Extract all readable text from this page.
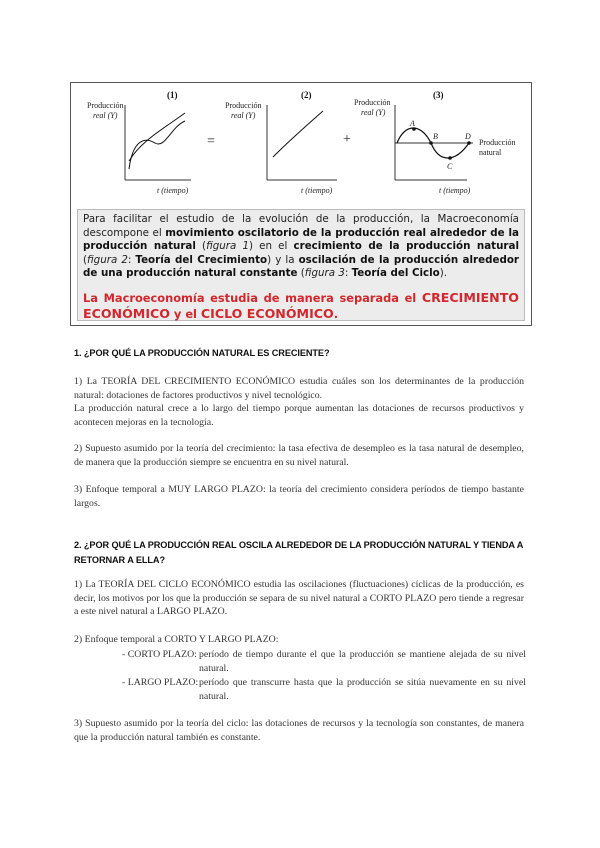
(1)
Producción
real (Y)
t (tiempo)
=
(2)
Producción
real (Y)
t (tiempo)
+
(3)
Producción
real (Y)
A
B
C
D
Producción
natural
t (tiempo)
Para facilitar el estudio de la evolución de la producción, la Macroeconomía descompone el movimiento oscilatorio de la producción real alrededor de la producción natural (figura 1) en el crecimiento de la producción natural (figura 2: Teoría del Crecimiento) y la oscilación de la producción alrededor de una producción natural constante (figura 3: Teoría del Ciclo).
La Macroeconomía estudia de manera separada el CRECIMIENTO ECONÓMICO y el CICLO ECONÓMICO.
1. ¿POR QUÉ LA PRODUCCIÓN NATURAL ES CRECIENTE?
1) La TEORÍA DEL CRECIMIENTO ECONÓMICO estudia cuáles son los determinantes de la producción natural: dotaciones de factores productivos y nivel tecnológico.
La producción natural crece a lo largo del tiempo porque aumentan las dotaciones de recursos productivos y acontecen mejoras en la tecnología.
2) Supuesto asumido por la teoría del crecimiento: la tasa efectiva de desempleo es la tasa natural de desempleo, de manera que la producción siempre se encuentra en su nivel natural.
3) Enfoque temporal a MUY LARGO PLAZO: la teoría del crecimiento considera períodos de tiempo bastante largos.
2. ¿POR QUÉ LA PRODUCCIÓN REAL OSCILA ALREDEDOR DE LA PRODUCCIÓN NATURAL Y TIENDA A
RETORNAR A ELLA?
1) La TEORÍA DEL CICLO ECONÓMICO estudia las oscilaciones (fluctuaciones) cíclicas de la producción, es decir, los motivos por los que la producción se separa de su nivel natural a CORTO PLAZO pero tiende a regresar a este nivel natural a LARGO PLAZO.
2) Enfoque temporal a CORTO Y LARGO PLAZO:
- CORTO PLAZO: período de tiempo durante el que la producción se mantiene alejada de su nivel natural.
- LARGO PLAZO: período que transcurre hasta que la producción se sitúa nuevamente en su nivel natural.
3) Supuesto asumido por la teoría del ciclo: las dotaciones de recursos y la tecnología son constantes, de manera que la producción natural también es constante.
